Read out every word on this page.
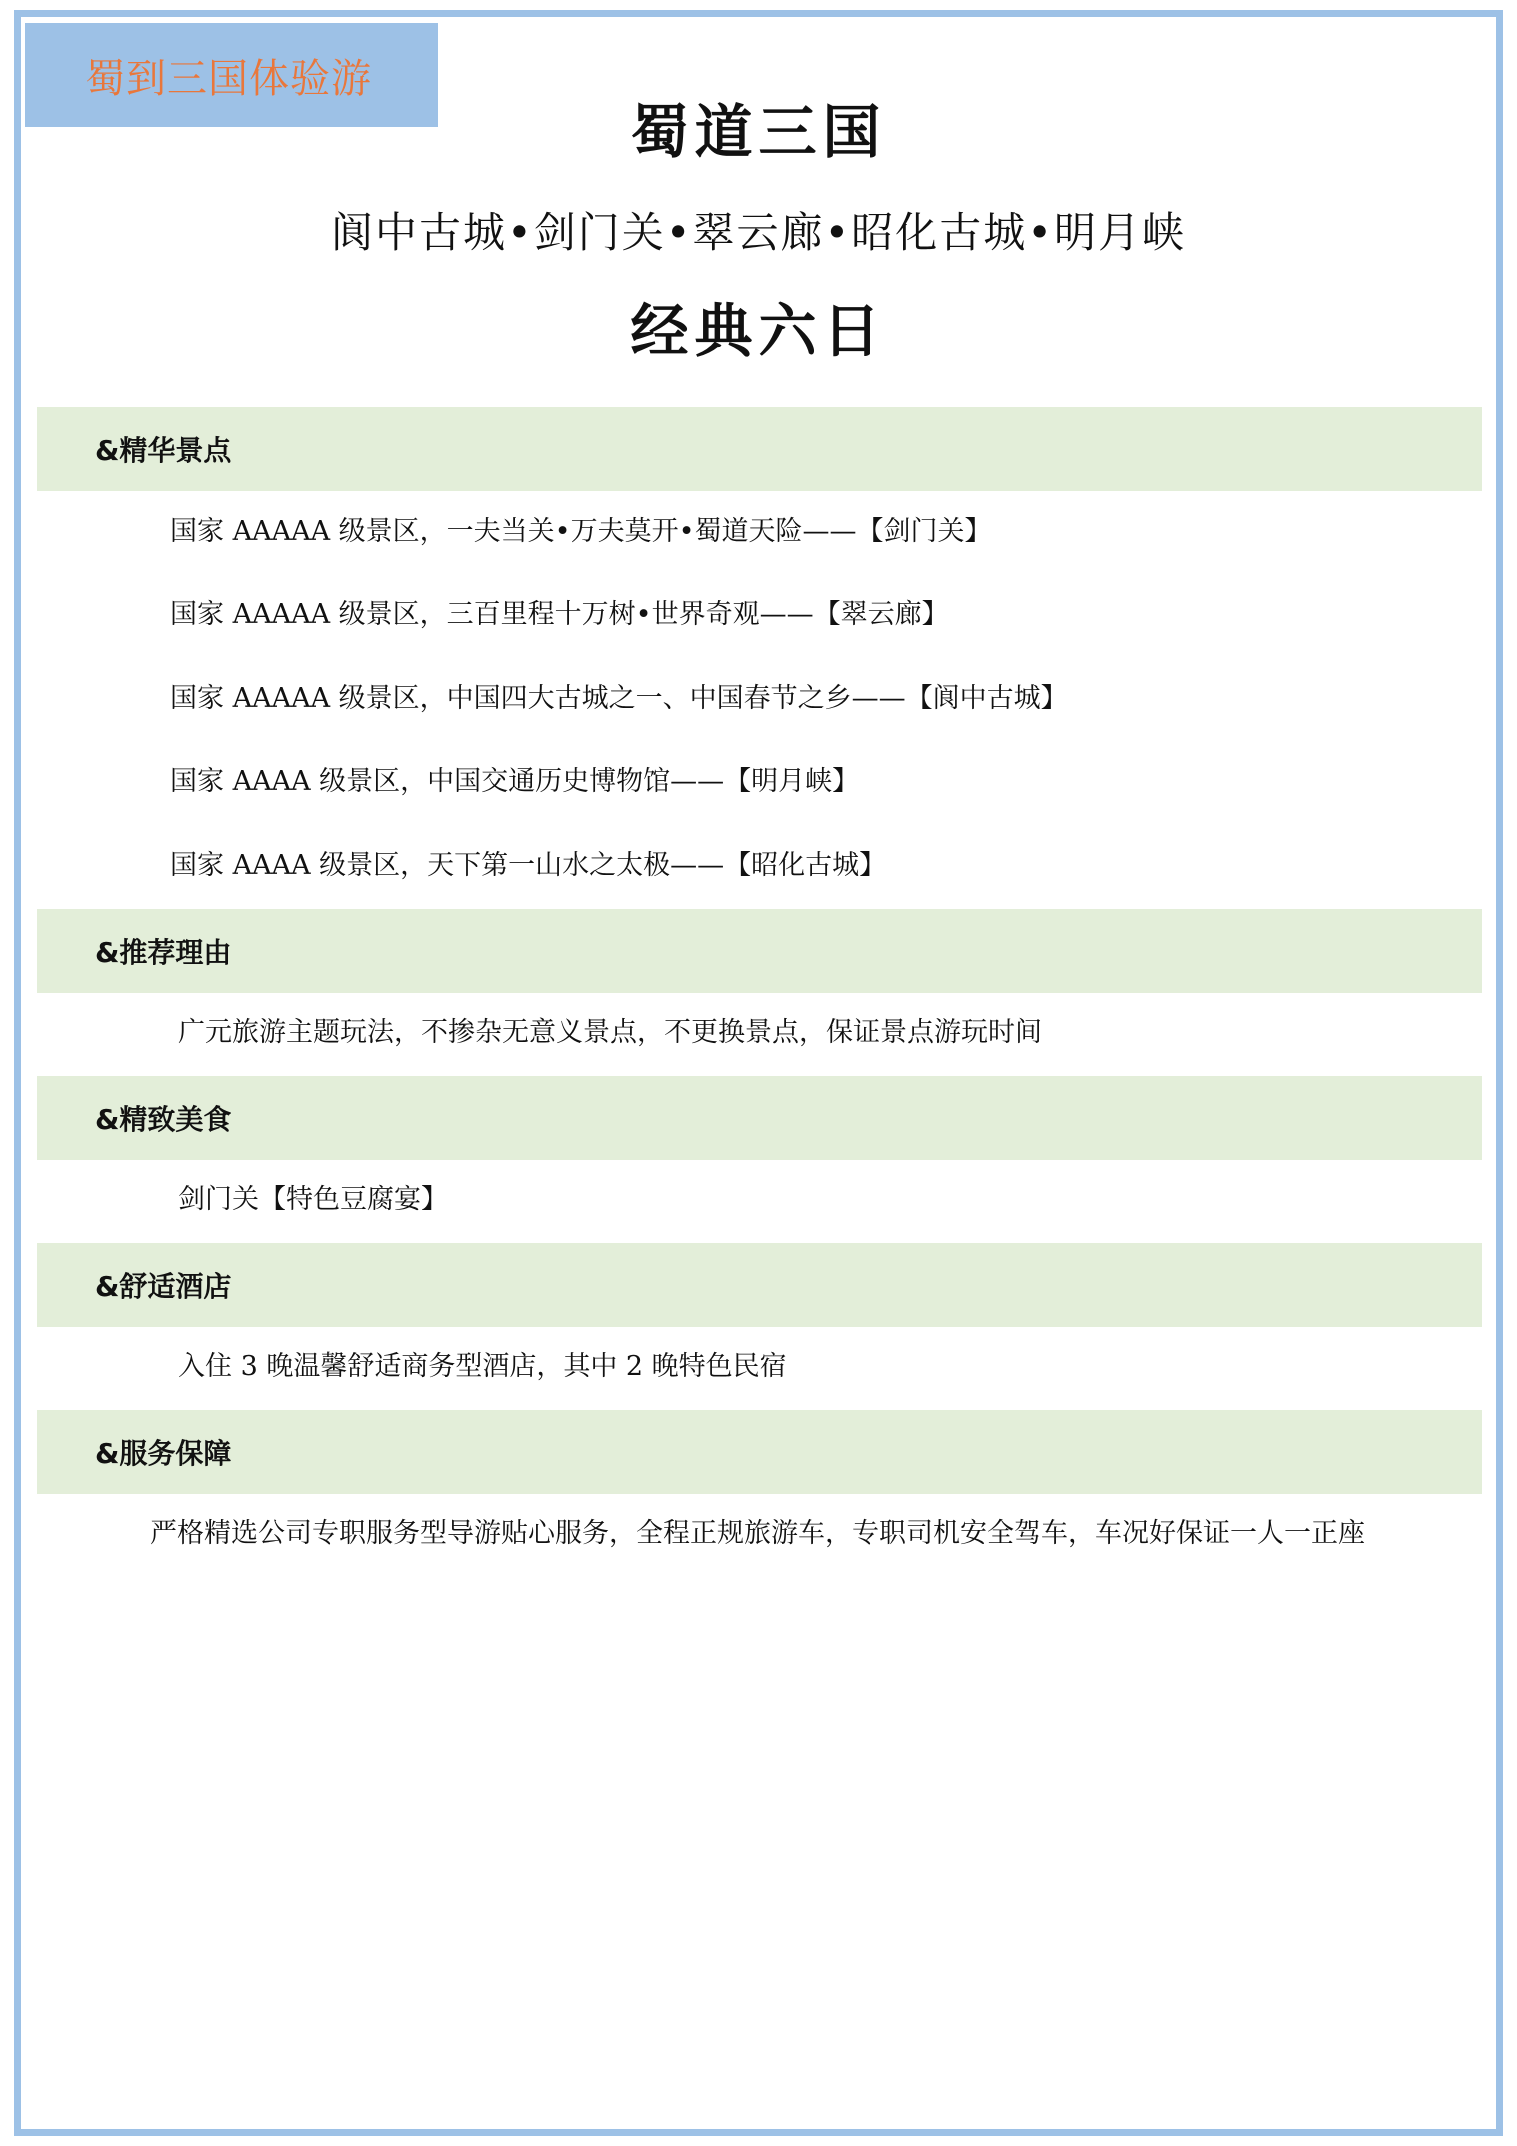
蜀到三国体验游
蜀道三国
阆中古城•剑门关•翠云廊•昭化古城•明月峡
经典六日
&精华景点
国家 AAAAA 级景区，一夫当关•万夫莫开•蜀道天险——【剑门关】
国家 AAAAA 级景区，三百里程十万树•世界奇观——【翠云廊】
国家 AAAAA 级景区，中国四大古城之一、中国春节之乡——【阆中古城】
国家 AAAA 级景区，中国交通历史博物馆——【明月峡】
国家 AAAA 级景区，天下第一山水之太极——【昭化古城】
&推荐理由
广元旅游主题玩法，不掺杂无意义景点，不更换景点，保证景点游玩时间
&精致美食
剑门关【特色豆腐宴】
&舒适酒店
入住 3 晚温馨舒适商务型酒店，其中 2 晚特色民宿
&服务保障
严格精选公司专职服务型导游贴心服务，全程正规旅游车，专职司机安全驾车，车况好保证一人一正座
